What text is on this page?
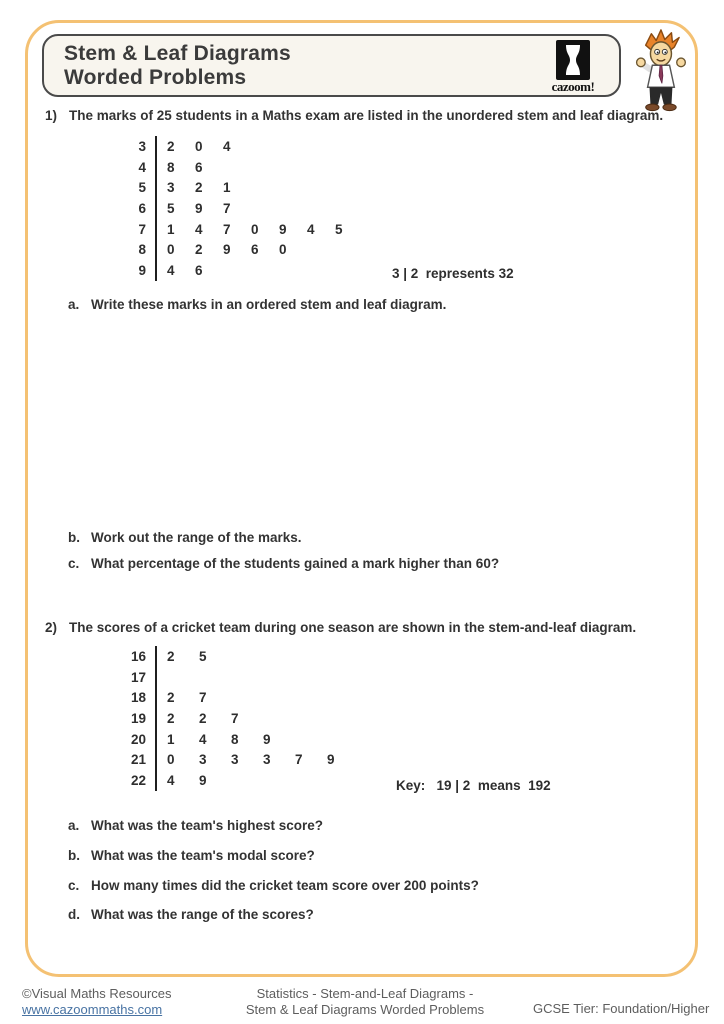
Stem & Leaf Diagrams
Worded Problems	cazoom!
1) The marks of 25 students in a Maths exam are listed in the unordered stem and leaf diagram.
3	2	0	4
4	8	6
5	3	2	1
6	5	9	7
7	1	4	7	0	9	4	5
8	0	2	9	6	0
9	4	6	3 | 2  represents 32
a. Write these marks in an ordered stem and leaf diagram.
b. Work out the range of the marks.
c. What percentage of the students gained a mark higher than 60?
2) The scores of a cricket team during one season are shown in the stem-and-leaf diagram.
16	2	5
17
18	2	7
19	2	2	7
20	1	4	8	9
21	0	3	3	3	7	9
22	4	9	Key:   19 | 2  means  192
a. What was the team's highest score?
b. What was the team's modal score?
c. How many times did the cricket team score over 200 points?
d. What was the range of the scores?
©Visual Maths Resources
www.cazoommaths.com
Statistics - Stem-and-Leaf Diagrams -
Stem & Leaf Diagrams Worded Problems	GCSE Tier: Foundation/Higher
